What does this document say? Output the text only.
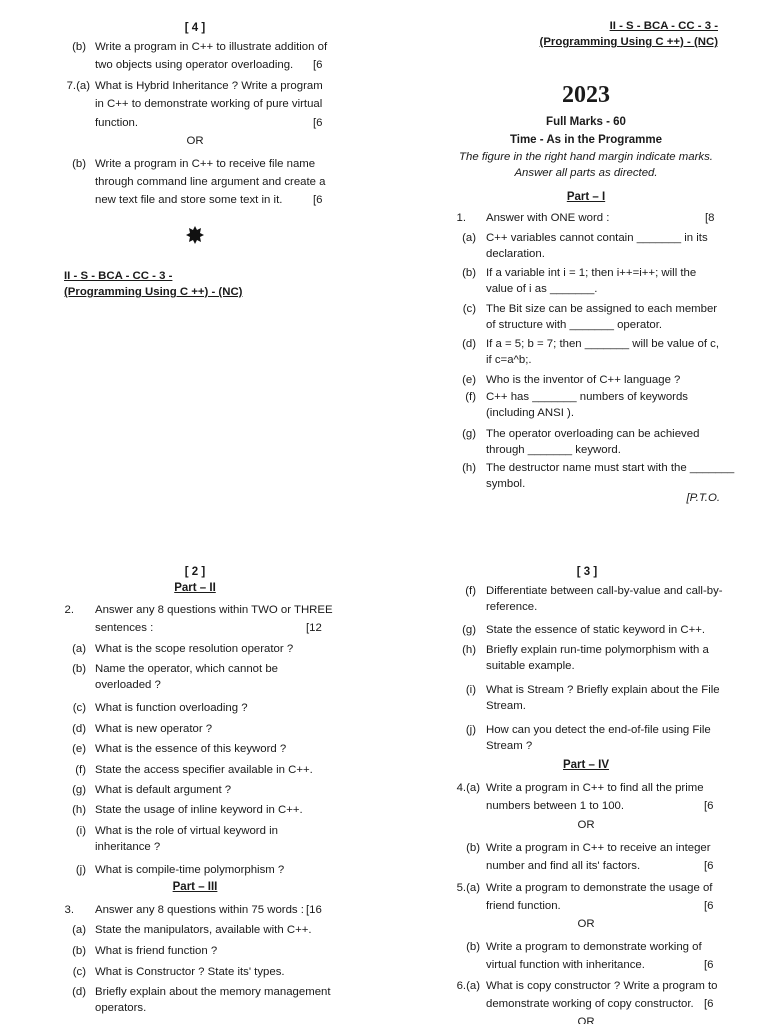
[ 4 ]
(b) Write a program in C++ to illustrate addition of
two objects using operator overloading. [6
7.(a) What is Hybrid Inheritance ? Write a program
in C++ to demonstrate working of pure virtual
function.	[6
OR
(b) Write a program in C++ to receive file name
through command line argument and create a
new text file and store some text in it.	[6
II - S - BCA - CC - 3 -
(Programming Using C ++) - (NC)
II - S - BCA - CC - 3 -
(Programming Using C ++) - (NC)
2023
Full Marks - 60
Time - As in the Programme
The figure in the right hand margin indicate marks.
Answer all parts as directed.
Part – I
1. Answer with ONE word :	[8
(a) C++ variables cannot contain _______ in its
declaration.
(b) If a variable int i = 1; then i++=i++; will the
value of i as _______.
(c) The Bit size can be assigned to each member
of structure with _______ operator.
(d) If a = 5; b = 7; then _______ will be value of c,
if c=a^b;.
(e) Who is the inventor of C++ language ?
(f) C++ has _______ numbers of keywords
(including ANSI ).
(g) The operator overloading can be achieved
through _______ keyword.
(h) The destructor name must start with the _______
symbol.
[P.T.O.
[ 2 ]
Part – II
2. Answer any 8 questions within TWO or THREE
sentences :	[12
(a) What is the scope resolution operator ?
(b) Name the operator, which cannot be
overloaded ?
(c) What is function overloading ?
(d) What is new operator ?
(e) What is the essence of this keyword ?
(f) State the access specifier available in C++.
(g) What is default argument ?
(h) State the usage of inline keyword in C++.
(i) What is the role of virtual keyword in
inheritance ?
(j) What is compile-time polymorphism ?
Part – III
3. Answer any 8 questions within 75 words : [16
(a) State the manipulators, available with C++.
(b) What is friend function ?
(c) What is Constructor ? State its' types.
(d) Briefly explain about the memory management
operators.
[ 3 ]
(f) Differentiate between call-by-value and call-by-
reference.
(g) State the essence of static keyword in C++.
(h) Briefly explain run-time polymorphism with a
suitable example.
(i) What is Stream ? Briefly explain about the File
Stream.
(j) How can you detect the end-of-file using File
Stream ?
Part – IV
4.(a) Write a program in C++ to find all the prime
numbers between 1 to 100.	[6
OR
(b) Write a program in C++ to receive an integer
number and find all its' factors.	[6
5.(a) Write a program to demonstrate the usage of
friend function.	[6
OR
(b) Write a program to demonstrate working of
virtual function with inheritance.	[6
6.(a) What is copy constructor ? Write a program to
demonstrate working of copy constructor. [6
OR
